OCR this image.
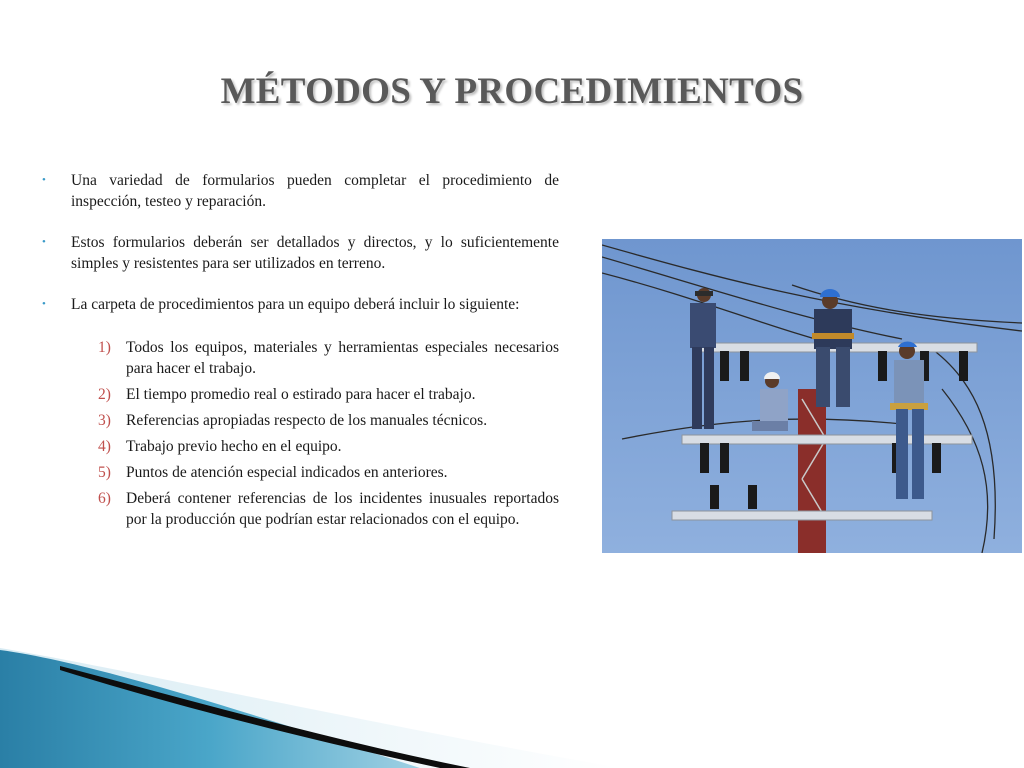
MÉTODOS Y PROCEDIMIENTOS
• Una variedad de formularios pueden completar el procedimiento de inspección, testeo y reparación.
• Estos formularios deberán ser detallados y directos, y lo suficientemente simples y resistentes para ser utilizados en terreno.
• La carpeta de procedimientos para un equipo deberá incluir lo siguiente:
1) Todos los equipos, materiales y herramientas especiales necesarios para hacer el trabajo.
2) El tiempo promedio real o estirado para hacer el trabajo.
3) Referencias apropiadas respecto de los manuales técnicos.
4) Trabajo previo hecho en el equipo.
5) Puntos de atención especial indicados en anteriores.
6) Deberá contener referencias de los incidentes inusuales reportados por la producción que podrían estar relacionados con el equipo.
